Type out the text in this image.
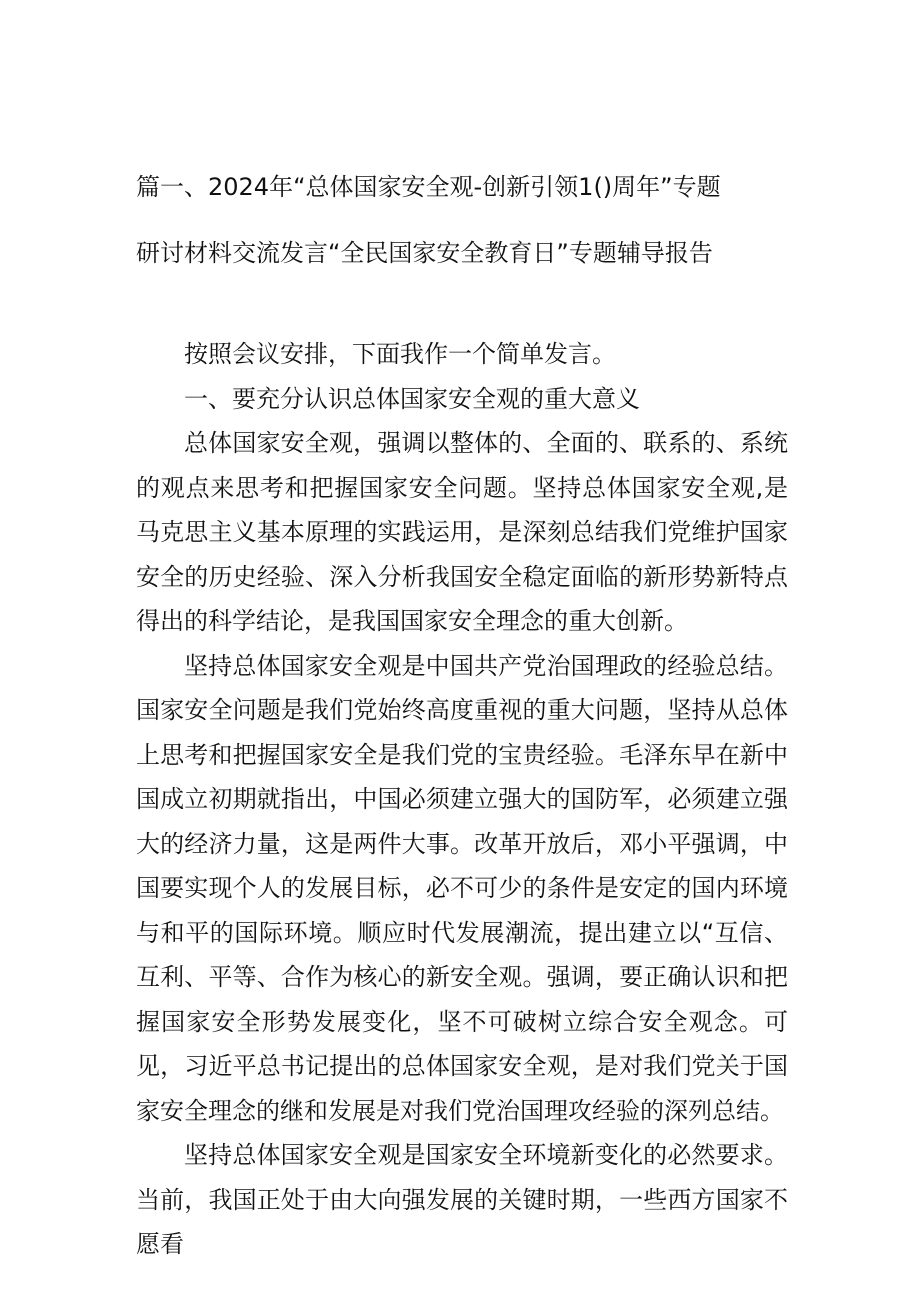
篇一、2024年“总体国家安全观-创新引领1()周年”专题
研讨材料交流发言“全民国家安全教育日”专题辅导报告

按照会议安排，下面我作一个简单发言。

一、要充分认识总体国家安全观的重大意义

总体国家安全观，强调以整体的、全面的、联系的、系统的观点来思考和把握国家安全问题。坚持总体国家安全观,是马克思主义基本原理的实践运用，是深刻总结我们党维护国家安全的历史经验、深入分析我国安全稳定面临的新形势新特点得出的科学结论，是我国国家安全理念的重大创新。

坚持总体国家安全观是中国共产党治国理政的经验总结。国家安全问题是我们党始终高度重视的重大问题，坚持从总体上思考和把握国家安全是我们党的宝贵经验。毛泽东早在新中国成立初期就指出，中国必须建立强大的国防军，必须建立强大的经济力量，这是两件大事。改革开放后，邓小平强调，中国要实现个人的发展目标，必不可少的条件是安定的国内环境与和平的国际环境。顺应时代发展潮流，提出建立以“互信、互利、平等、合作为核心的新安全观。强调，要正确认识和把握国家安全形势发展变化，坚不可破树立综合安全观念。可见，习近平总书记提出的总体国家安全观，是对我们党关于国家安全理念的继和发展是对我们党治国理攻经验的深列总结。

坚持总体国家安全观是国家安全环境新变化的必然要求。当前，我国正处于由大向强发展的关键时期，一些西方国家不愿看
